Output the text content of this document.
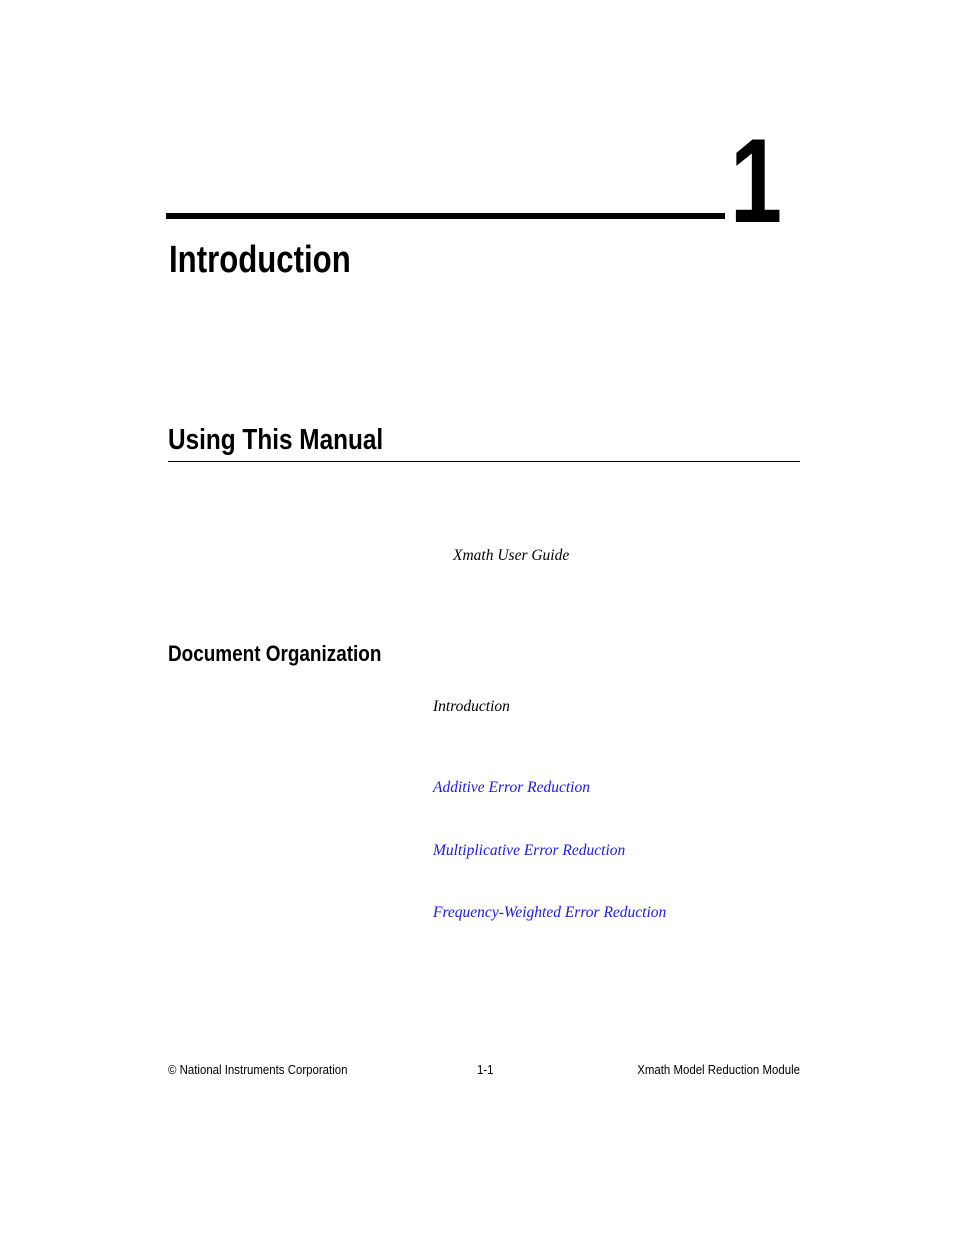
1
Introduction
Using This Manual
Xmath User Guide
Document Organization
Introduction
Additive Error Reduction
Multiplicative Error Reduction
Frequency-Weighted Error Reduction
© National Instruments Corporation	1-1	Xmath Model Reduction Module
